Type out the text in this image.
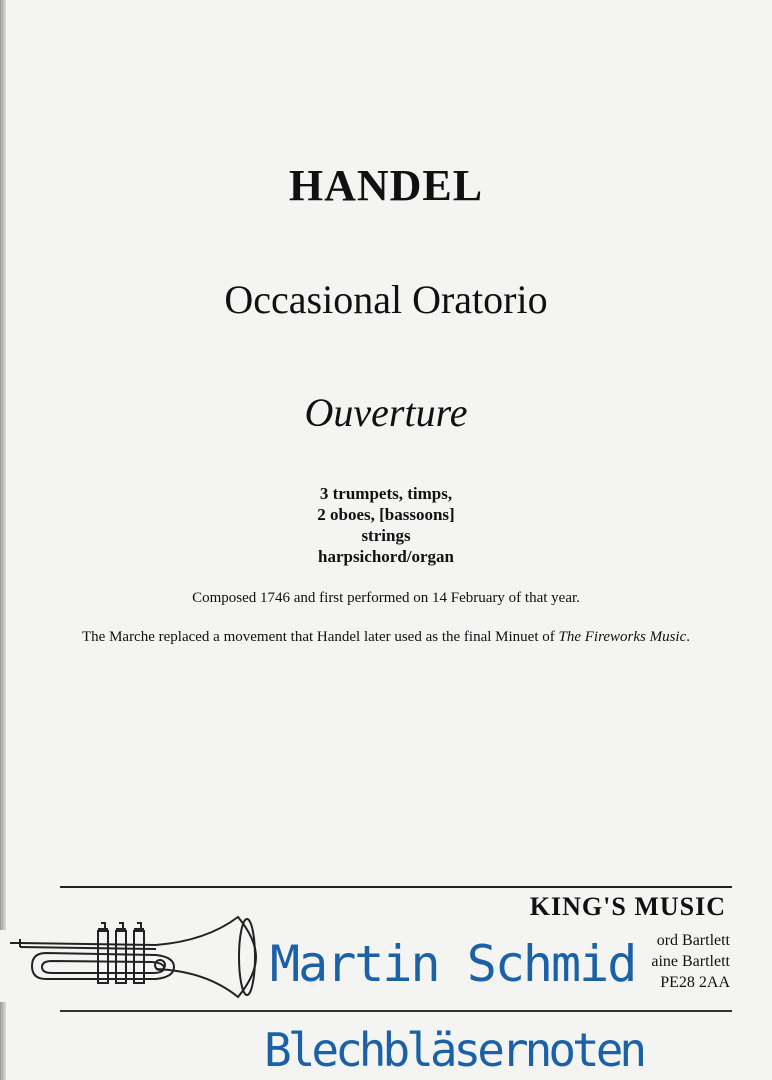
HANDEL
Occasional Oratorio
Ouverture
3 trumpets, timps,
2 oboes, [bassoons]
strings
harpsichord/organ
Composed 1746 and first performed on 14 February of that year.
The Marche replaced a movement that Handel later used as the final Minuet of The Fireworks Music.
KING'S MUSIC
ord Bartlett
aine Bartlett
PE28 2AA
Martin Schmid
Blechbläsernoten
